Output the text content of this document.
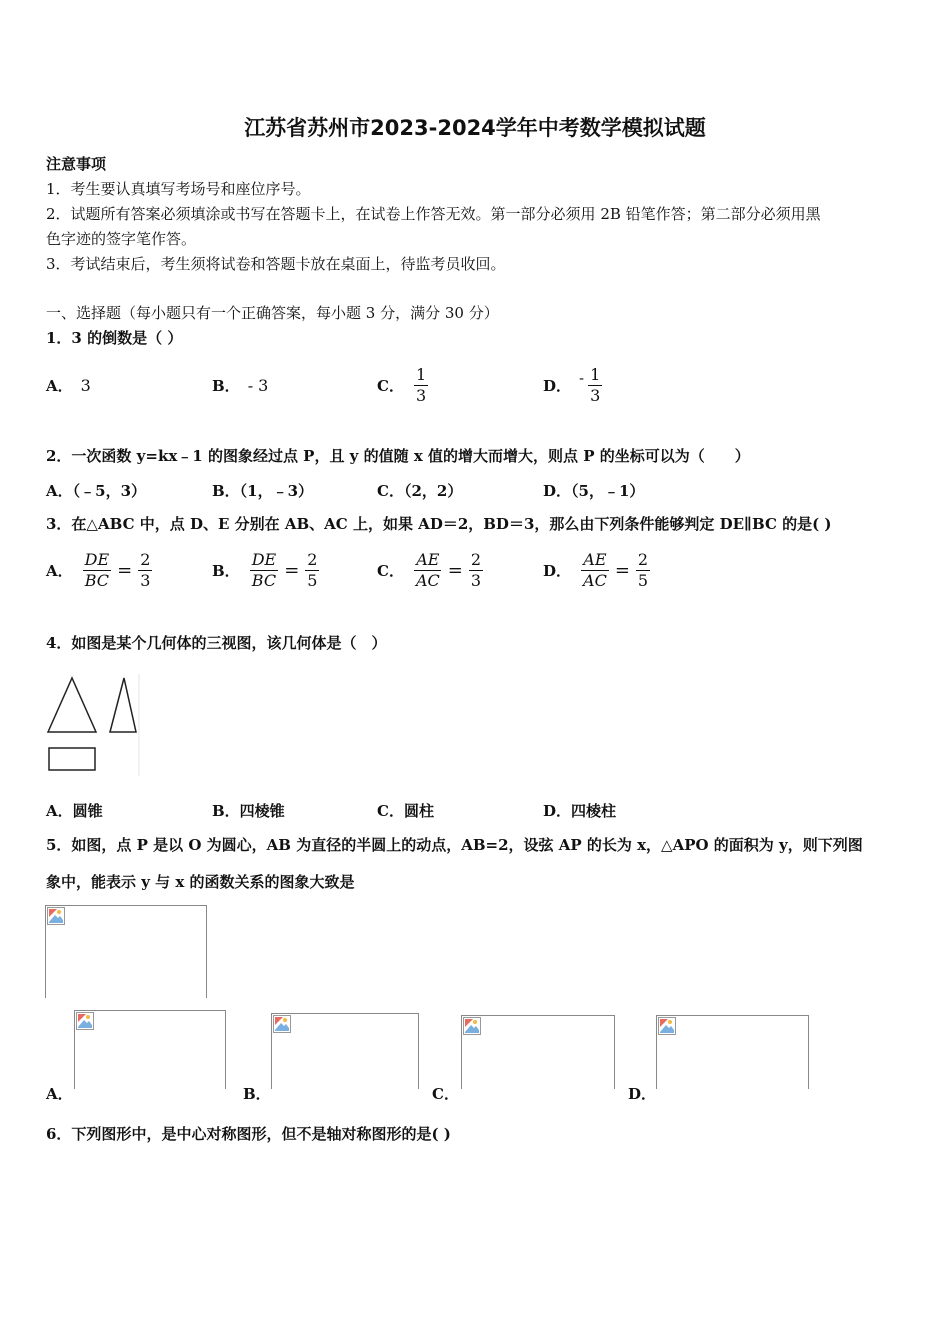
江苏省苏州市2023-2024学年中考数学模拟试题
注意事项
1．考生要认真填写考场号和座位序号。
2．试题所有答案必须填涂或书写在答题卡上，在试卷上作答无效。第一部分必须用 2B 铅笔作答；第二部分必须用黑
色字迹的签字笔作答。
3．考试结束后，考生须将试卷和答题卡放在桌面上，待监考员收回。
一、选择题（每小题只有一个正确答案，每小题 3 分，满分 30 分）
1．3 的倒数是（ ）
A． 3	B． - 3	C． $\frac{1}{3}$	D． - $\frac{1}{3}$
2．一次函数 y=kx﹣1 的图象经过点 P，且 y 的值随 x 值的增大而增大，则点 P 的坐标可以为（　　）
A．（﹣5，3）	B．（1，﹣3）	C．（2，2）	D．（5，﹣1）
3．在△ABC 中，点 D、E 分别在 AB、AC 上，如果 AD＝2，BD＝3，那么由下列条件能够判定 DE∥BC 的是( )
A． $\frac{DE}{BC} = \frac{2}{3}$	B． $\frac{DE}{BC} = \frac{2}{5}$	C． $\frac{AE}{AC} = \frac{2}{3}$	D． $\frac{AE}{AC} = \frac{2}{5}$
4．如图是某个几何体的三视图，该几何体是（　）
A．圆锥	B．四棱锥	C．圆柱	D．四棱柱
5．如图，点 P 是以 O 为圆心，AB 为直径的半圆上的动点，AB=2，设弦 AP 的长为 x，△APO 的面积为 y，则下列图
象中，能表示 y 与 x 的函数关系的图象大致是
A．	B．	C．	D．
6．下列图形中，是中心对称图形，但不是轴对称图形的是( )
